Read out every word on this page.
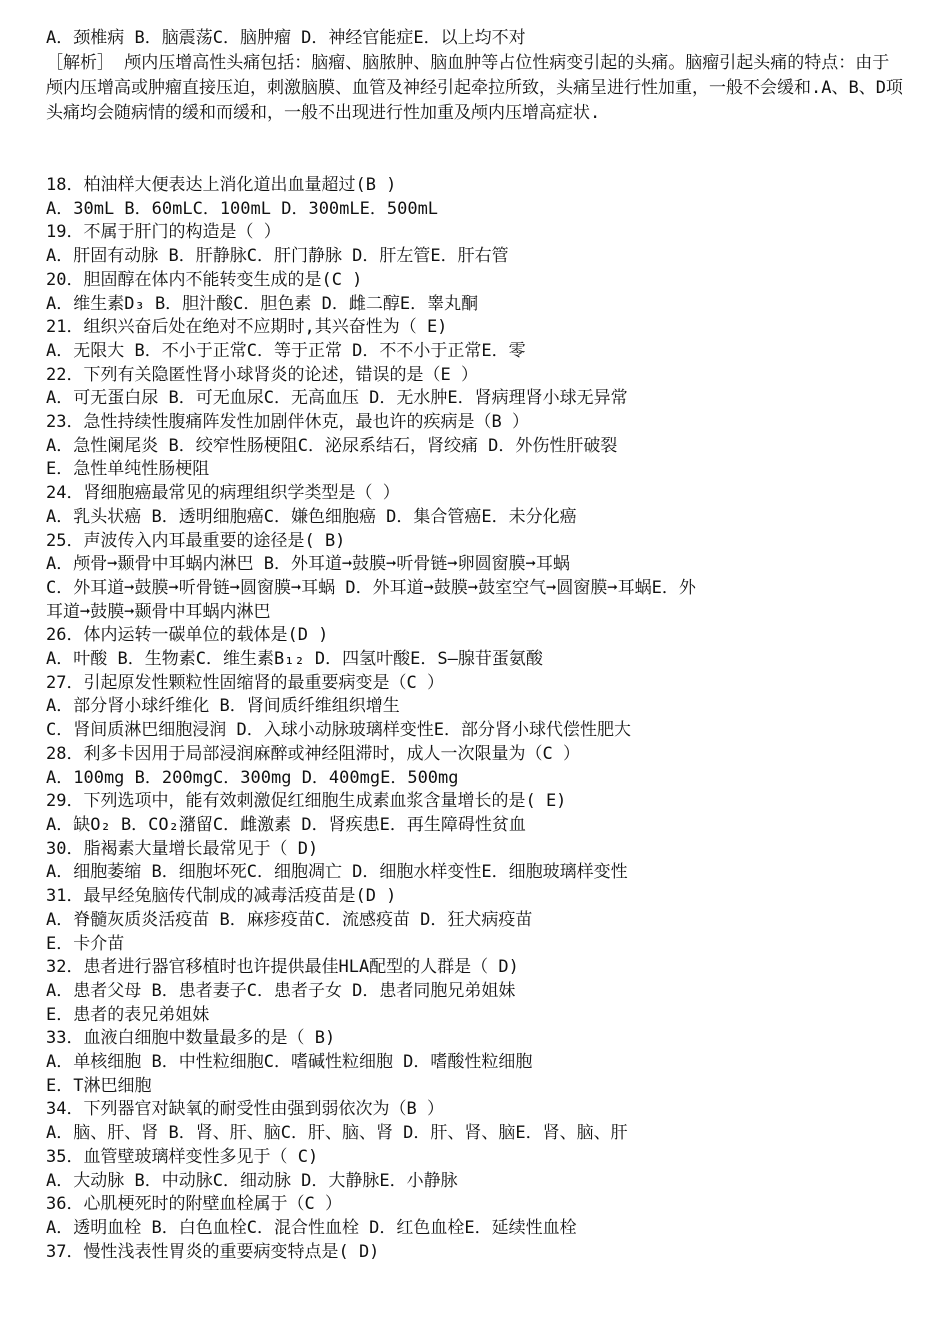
A．颈椎病 B．脑震荡C．脑肿瘤 D．神经官能症E．以上均不对

［解析］ 颅内压增高性头痛包括：脑瘤、脑脓肿、脑血肿等占位性病变引起的头痛。脑瘤引起头痛的特点：由于颅内压增高或肿瘤直接压迫，刺激脑膜、血管及神经引起牵拉所致，头痛呈进行性加重，一般不会缓和.A、B、D项头痛均会随病情的缓和而缓和，一般不出现进行性加重及颅内压增高症状.

18．柏油样大便表达上消化道出血量超过(B )

A．30mL B．60mLC．100mL D．300mLE．500mL

19．不属于肝门的构造是（ ）

A．肝固有动脉 B．肝静脉C．肝门静脉 D．肝左管E．肝右管

20．胆固醇在体内不能转变生成的是(C )

A．维生素D₃ B．胆汁酸C．胆色素 D．雌二醇E．睾丸酮

21．组织兴奋后处在绝对不应期时,其兴奋性为（ E)

A．无限大 B．不小于正常C．等于正常 D．不不小于正常E．零

22．下列有关隐匿性肾小球肾炎的论述，错误的是（E ）

A．可无蛋白尿 B．可无血尿C．无高血压 D．无水肿E．肾病理肾小球无异常

23．急性持续性腹痛阵发性加剧伴休克，最也许的疾病是（B ）

A．急性阑尾炎 B．绞窄性肠梗阻C．泌尿系结石，肾绞痛 D．外伤性肝破裂

E．急性单纯性肠梗阻

24．肾细胞癌最常见的病理组织学类型是（ ）

A．乳头状癌 B．透明细胞癌C．嫌色细胞癌 D．集合管癌E．未分化癌

25．声波传入内耳最重要的途径是( B)

A．颅骨➞颞骨中耳蜗内淋巴 B．外耳道➞鼓膜➞听骨链➞卵圆窗膜➞耳蜗

C．外耳道➞鼓膜➞听骨链➞圆窗膜➞耳蜗 D．外耳道➞鼓膜➞鼓室空气➞圆窗膜➞耳蜗E．外

耳道➞鼓膜➞颞骨中耳蜗内淋巴

26．体内运转一碳单位的载体是(D )

A．叶酸 B．生物素C．维生素B₁₂ D．四氢叶酸E．S—腺苷蛋氨酸

27．引起原发性颗粒性固缩肾的最重要病变是（C ）

A．部分肾小球纤维化 B．肾间质纤维组织增生

C．肾间质淋巴细胞浸润 D．入球小动脉玻璃样变性E．部分肾小球代偿性肥大

28．利多卡因用于局部浸润麻醉或神经阻滞时，成人一次限量为（C ）

A．100mg B．200mgC．300mg D．400mgE．500mg

29．下列选项中，能有效刺激促红细胞生成素血浆含量增长的是( E)

A．缺O₂ B．CO₂潴留C．雌激素 D．肾疾患E．再生障碍性贫血

30．脂褐素大量增长最常见于（ D)

A．细胞萎缩 B．细胞坏死C．细胞凋亡 D．细胞水样变性E．细胞玻璃样变性

31．最早经兔脑传代制成的减毒活疫苗是(D )

A．脊髓灰质炎活疫苗 B．麻疹疫苗C．流感疫苗 D．狂犬病疫苗

E．卡介苗

32．患者进行器官移植时也许提供最佳HLA配型的人群是（ D)

A．患者父母 B．患者妻子C．患者子女 D．患者同胞兄弟姐妹

E．患者的表兄弟姐妹

33．血液白细胞中数量最多的是（ B)

A．单核细胞 B．中性粒细胞C．嗜碱性粒细胞 D．嗜酸性粒细胞

E．T淋巴细胞

34．下列器官对缺氧的耐受性由强到弱依次为（B ）

A．脑、肝、肾 B．肾、肝、脑C．肝、脑、肾 D．肝、肾、脑E．肾、脑、肝

35．血管壁玻璃样变性多见于（ C)

A．大动脉 B．中动脉C．细动脉 D．大静脉E．小静脉

36．心肌梗死时的附壁血栓属于（C ）

A．透明血栓 B．白色血栓C．混合性血栓 D．红色血栓E．延续性血栓

37．慢性浅表性胃炎的重要病变特点是( D)
